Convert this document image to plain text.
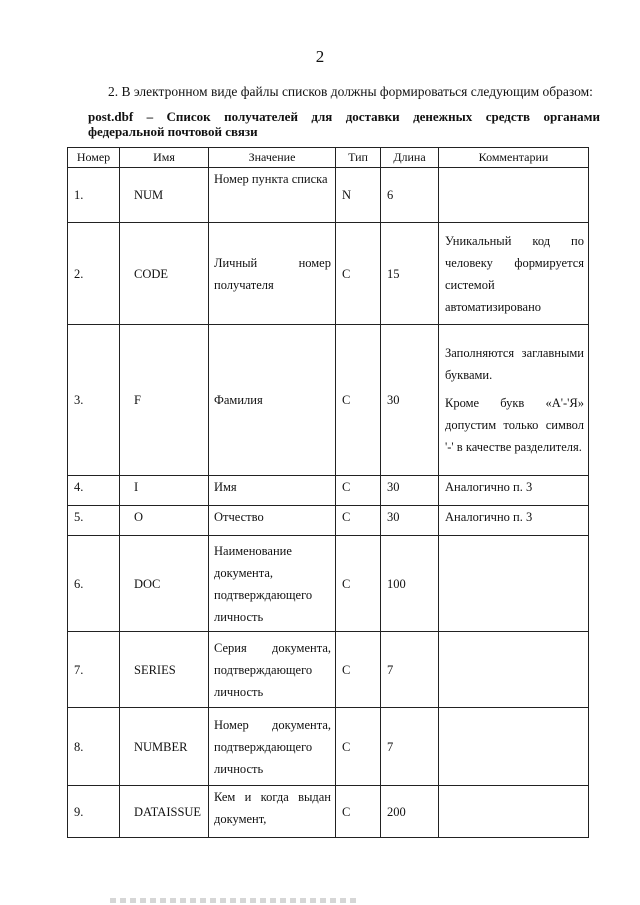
2
2. В электронном виде файлы списков должны формироваться следующим образом:
post.dbf – Список получателей для доставки денежных средств органами
федеральной почтовой связи
Номер	Имя	Значение	Тип	Длина	Комментарии
1.	NUM	Номер пункта списка	N	6	
2.	CODE	Личный номер получателя	C	15	Уникальный код по человеку формируется системой автоматизировано

3.	F	Фамилия	C	30	Заполняются заглавными буквами.
Кроме букв «А'-'Я» допустим только символ '-' в качестве разделителя.

4.	I	Имя	C	30	Аналогично п. 3

5.	O	Отчество	C	30	Аналогично п. 3

6.	DOC	Наименование документа, подтверждающего личность	C	100	
7.	SERIES	Серия документа, подтверждающего личность	C	7	
8.	NUMBER	Номер документа, подтверждающего личность	C	7	
9.	DATAISSUE	Кем и когда выдан документ,	C	200	
